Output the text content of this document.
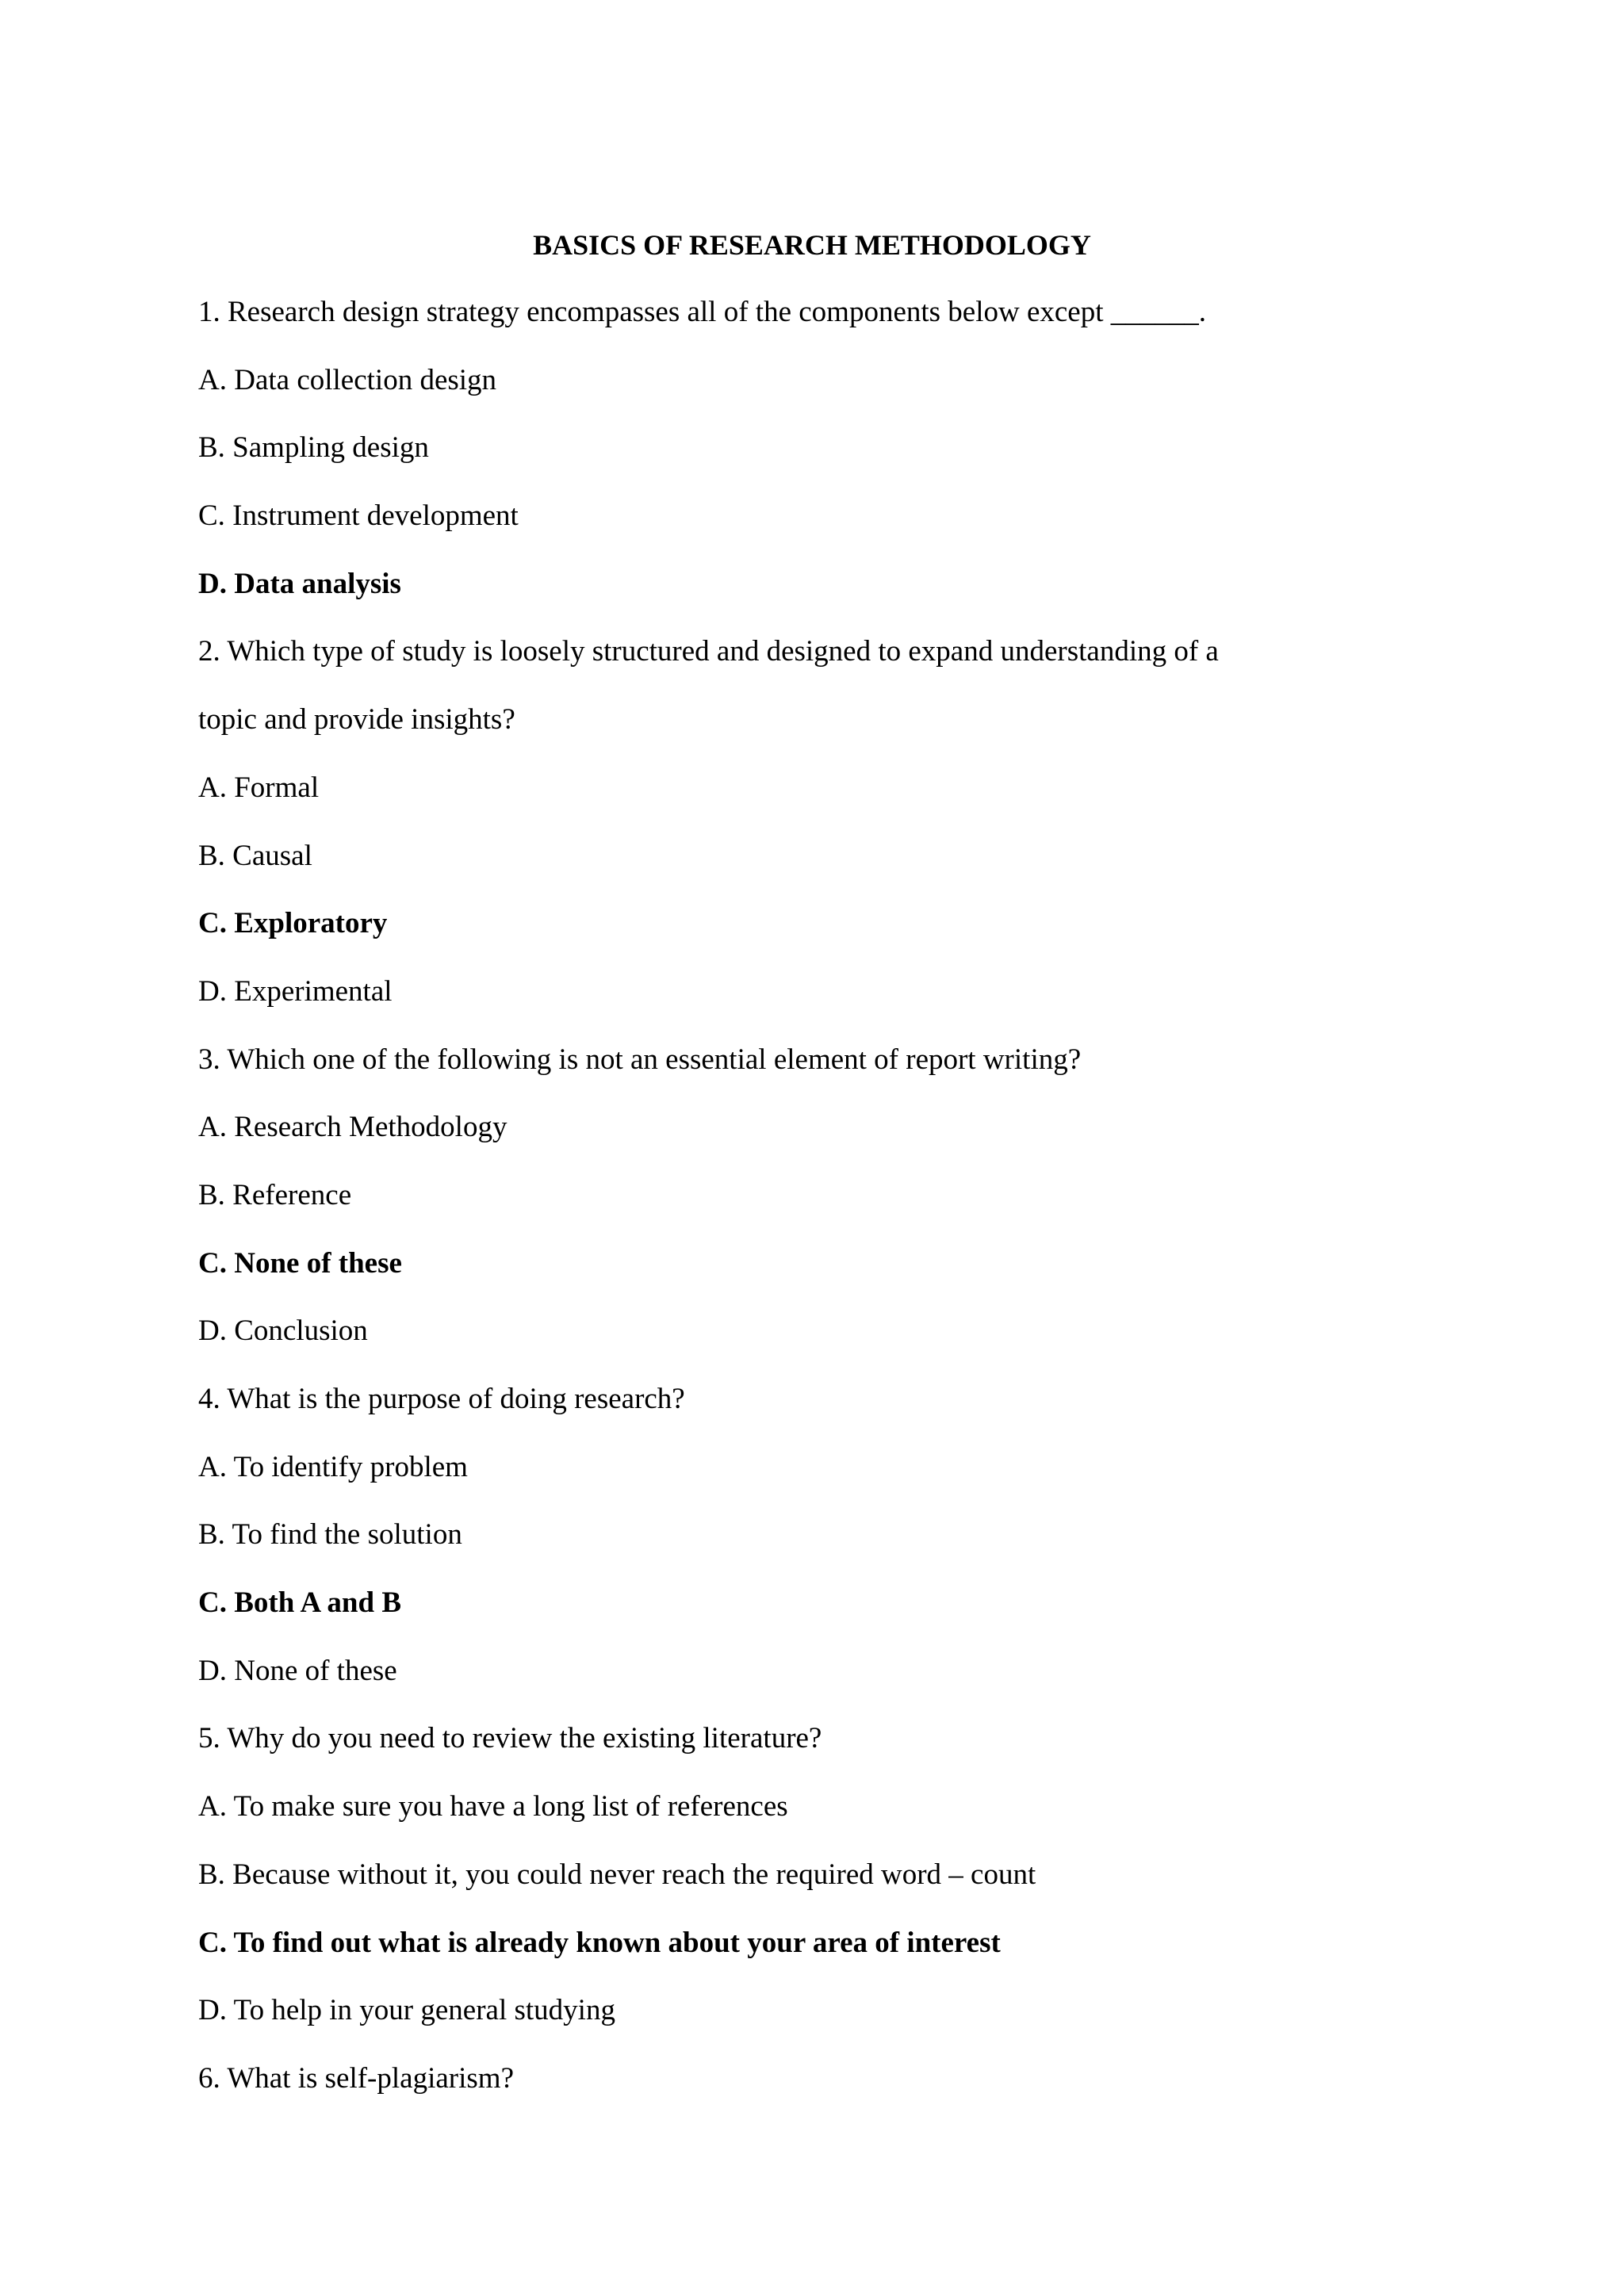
BASICS OF RESEARCH METHODOLOGY
1. Research design strategy encompasses all of the components below except ______.
A. Data collection design
B. Sampling design
C. Instrument development
D. Data analysis
2. Which type of study is loosely structured and designed to expand understanding of a
topic and provide insights?
A. Formal
B. Causal
C. Exploratory
D. Experimental
3. Which one of the following is not an essential element of report writing?
A. Research Methodology
B. Reference
C. None of these
D. Conclusion
4. What is the purpose of doing research?
A. To identify problem
B. To find the solution
C. Both A and B
D. None of these
5. Why do you need to review the existing literature?
A. To make sure you have a long list of references
B. Because without it, you could never reach the required word – count
C. To find out what is already known about your area of interest
D. To help in your general studying
6. What is self-plagiarism?
